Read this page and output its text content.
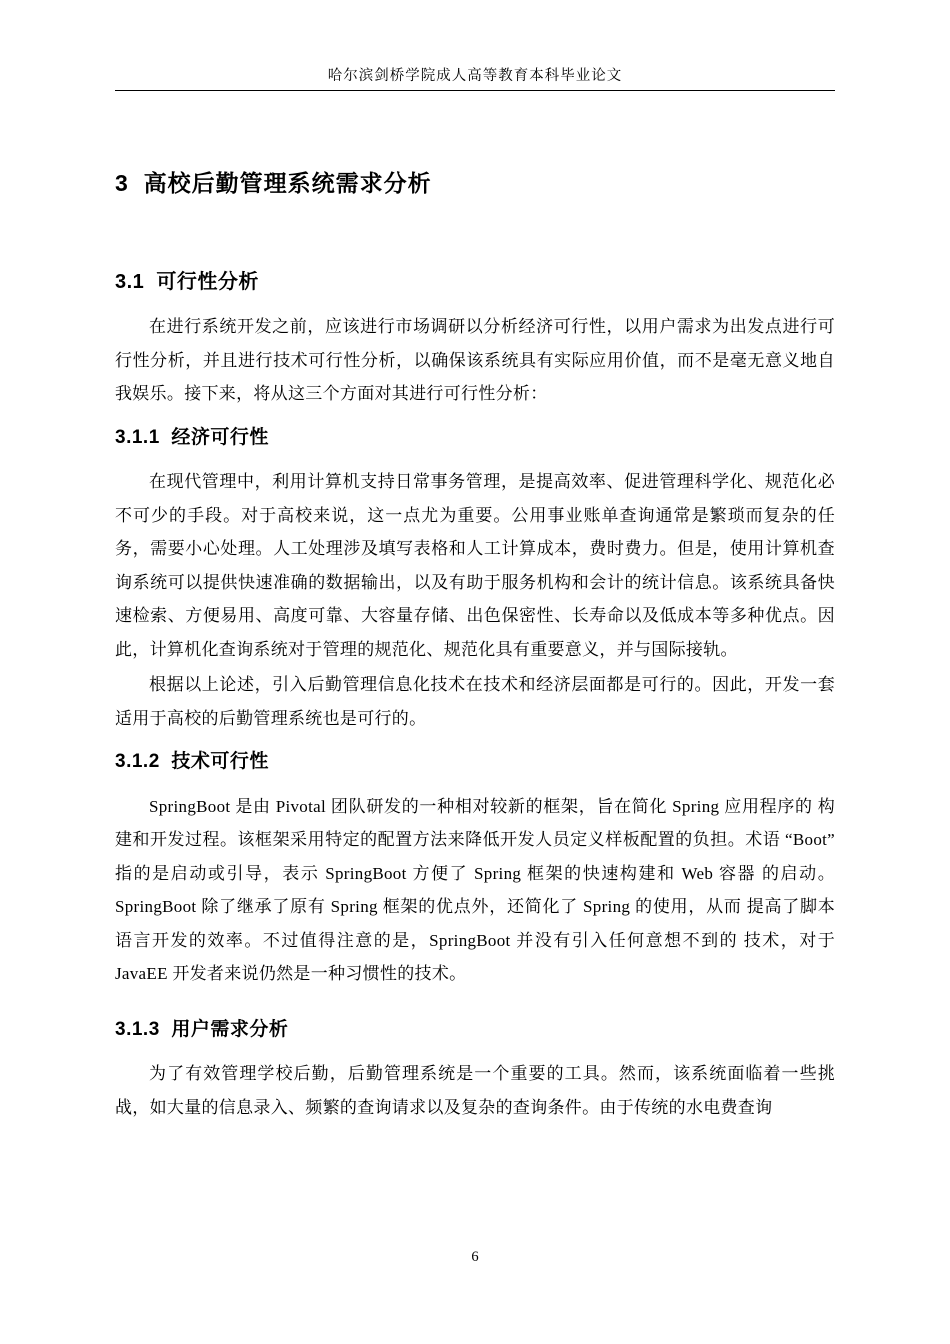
哈尔滨剑桥学院成人高等教育本科毕业论文
3  高校后勤管理系统需求分析
3.1  可行性分析

在进行系统开发之前，应该进行市场调研以分析经济可行性，以用户需求为出发点进行可行性分析，并且进行技术可行性分析，以确保该系统具有实际应用价值，而不是毫无意义地自我娱乐。接下来，将从这三个方面对其进行可行性分析：

3.1.1  经济可行性

在现代管理中，利用计算机支持日常事务管理，是提高效率、促进管理科学化、规范化必不可少的手段。对于高校来说，这一点尤为重要。公用事业账单查询通常是繁琐而复杂的任务，需要小心处理。人工处理涉及填写表格和人工计算成本，费时费力。但是，使用计算机查询系统可以提供快速准确的数据输出，以及有助于服务机构和会计的统计信息。该系统具备快速检索、方便易用、高度可靠、大容量存储、出色保密性、长寿命以及低成本等多种优点。因此，计算机化查询系统对于管理的规范化、规范化具有重要意义，并与国际接轨。

根据以上论述，引入后勤管理信息化技术在技术和经济层面都是可行的。因此，开发一套适用于高校的后勤管理系统也是可行的。

3.1.2  技术可行性

SpringBoot 是由 Pivotal 团队研发的一种相对较新的框架，旨在简化 Spring 应用程序的 构建和开发过程。该框架采用特定的配置方法来降低开发人员定义样板配置的负担。术语 “Boot”指的是启动或引导，表示 SpringBoot 方便了 Spring 框架的快速构建和 Web 容器 的启动。SpringBoot 除了继承了原有 Spring 框架的优点外，还简化了 Spring 的使用，从而 提高了脚本语言开发的效率。不过值得注意的是，SpringBoot 并没有引入任何意想不到的 技术，对于 JavaEE 开发者来说仍然是一种习惯性的技术。

3.1.3  用户需求分析

为了有效管理学校后勤，后勤管理系统是一个重要的工具。然而，该系统面临着一些挑战，如大量的信息录入、频繁的查询请求以及复杂的查询条件。由于传统的水电费查询

6
